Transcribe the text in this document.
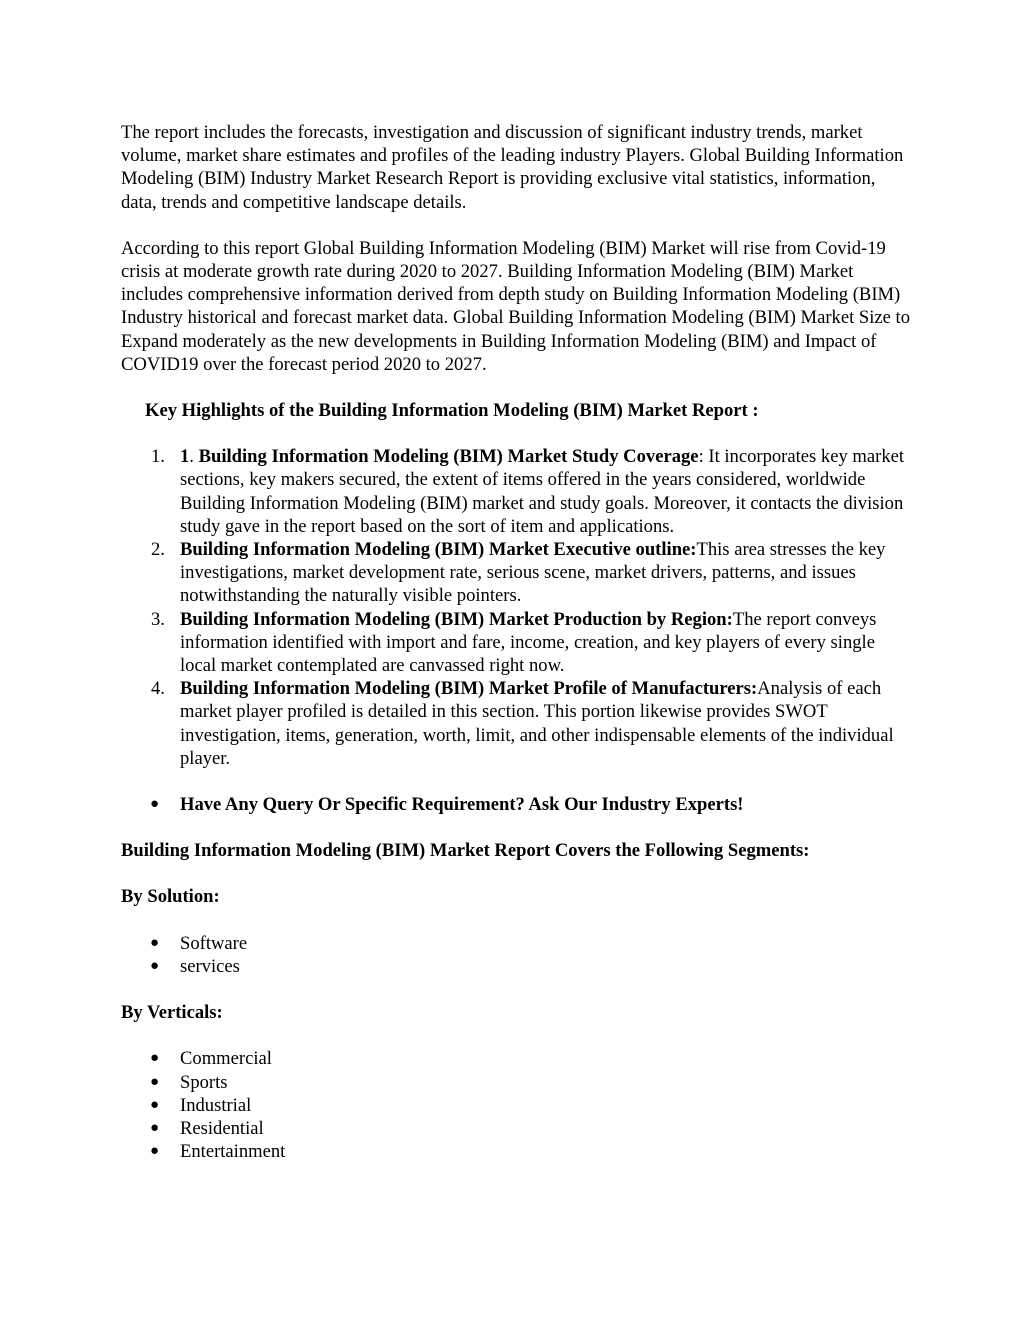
The report includes the forecasts, investigation and discussion of significant industry trends, market volume, market share estimates and profiles of the leading industry Players. Global Building Information Modeling (BIM) Industry Market Research Report is providing exclusive vital statistics, information, data, trends and competitive landscape details.

According to this report Global Building Information Modeling (BIM) Market will rise from Covid-19 crisis at moderate growth rate during 2020 to 2027. Building Information Modeling (BIM) Market includes comprehensive information derived from depth study on Building Information Modeling (BIM) Industry historical and forecast market data. Global Building Information Modeling (BIM) Market Size to Expand moderately as the new developments in Building Information Modeling (BIM) and Impact of COVID19 over the forecast period 2020 to 2027.

Key Highlights of the Building Information Modeling (BIM) Market Report :

1. 1. Building Information Modeling (BIM) Market Study Coverage: It incorporates key market sections, key makers secured, the extent of items offered in the years considered, worldwide Building Information Modeling (BIM) market and study goals. Moreover, it contacts the division study gave in the report based on the sort of item and applications.
2. Building Information Modeling (BIM) Market Executive outline:This area stresses the key investigations, market development rate, serious scene, market drivers, patterns, and issues notwithstanding the naturally visible pointers.
3. Building Information Modeling (BIM) Market Production by Region:The report conveys information identified with import and fare, income, creation, and key players of every single local market contemplated are canvassed right now.
4. Building Information Modeling (BIM) Market Profile of Manufacturers:Analysis of each market player profiled is detailed in this section. This portion likewise provides SWOT investigation, items, generation, worth, limit, and other indispensable elements of the individual player.
● Have Any Query Or Specific Requirement? Ask Our Industry Experts!

Building Information Modeling (BIM) Market Report Covers the Following Segments:

By Solution:

● Software
● services

By Verticals:

● Commercial
● Sports
● Industrial
● Residential
● Entertainment
